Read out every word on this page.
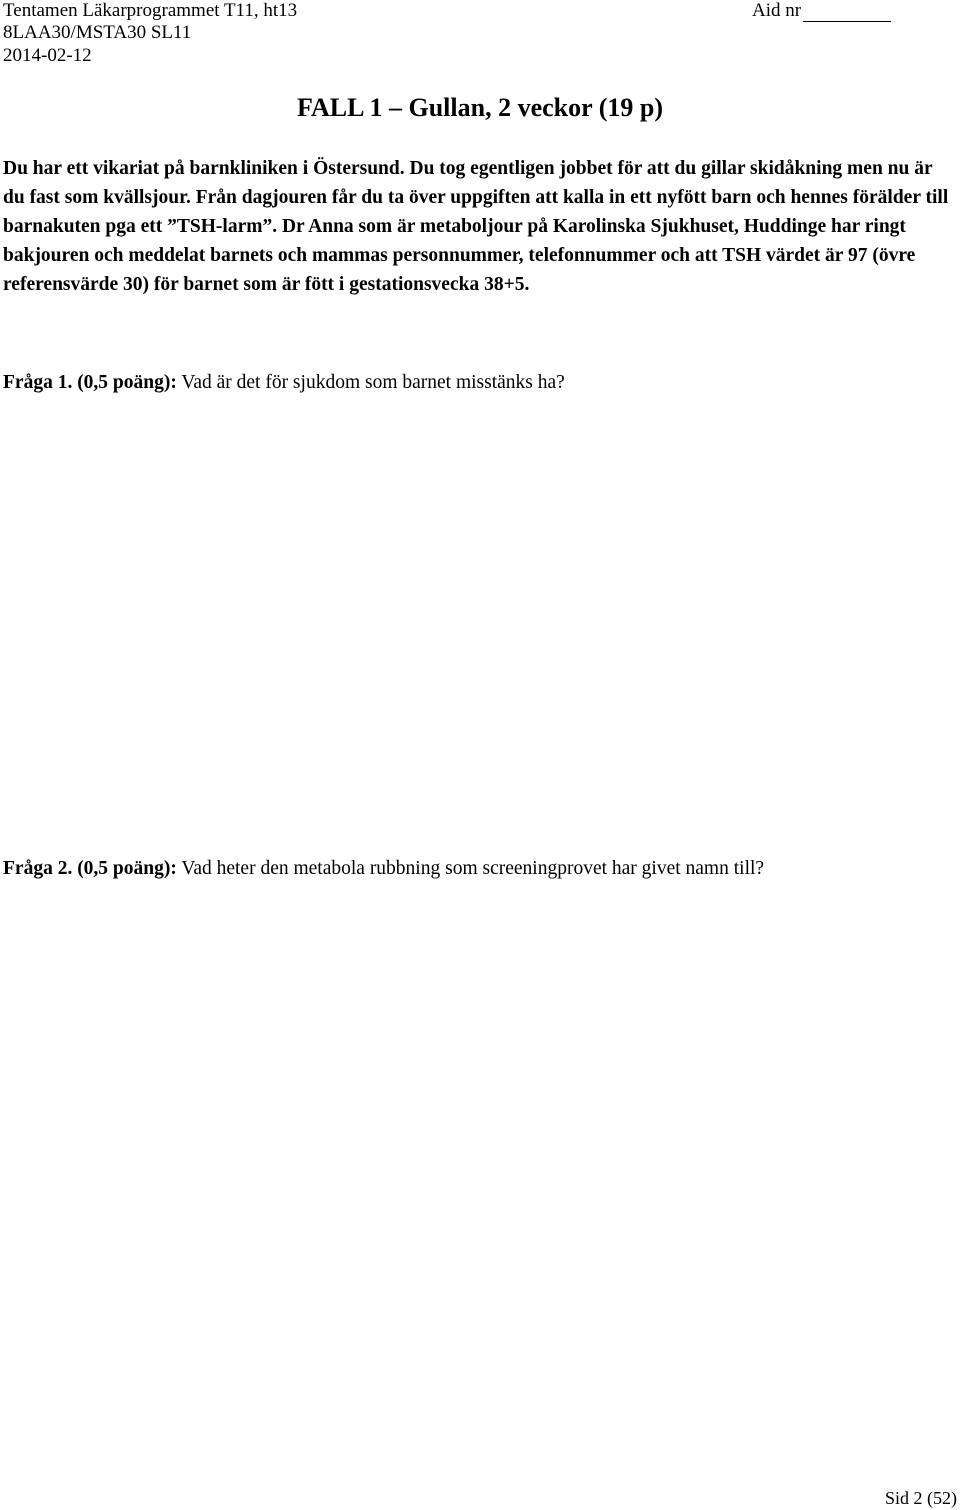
Tentamen Läkarprogrammet T11, ht13
8LAA30/MSTA30 SL11
2014-02-12
Aid nr
FALL 1 – Gullan, 2 veckor (19 p)

Du har ett vikariat på barnkliniken i Östersund. Du tog egentligen jobbet för att du gillar skidåkning men nu är du fast som kvällsjour. Från dagjouren får du ta över uppgiften att kalla in ett nyfött barn och hennes förälder till barnakuten pga ett ”TSH-larm”. Dr Anna som är metaboljour på Karolinska Sjukhuset, Huddinge har ringt bakjouren och meddelat barnets och mammas personnummer, telefonnummer och att TSH värdet är 97 (övre referensvärde 30) för barnet som är fött i gestationsvecka 38+5.

Fråga 1. (0,5 poäng): Vad är det för sjukdom som barnet misstänks ha?

Fråga 2. (0,5 poäng): Vad heter den metabola rubbning som screeningprovet har givet namn till?

Sid 2 (52)
